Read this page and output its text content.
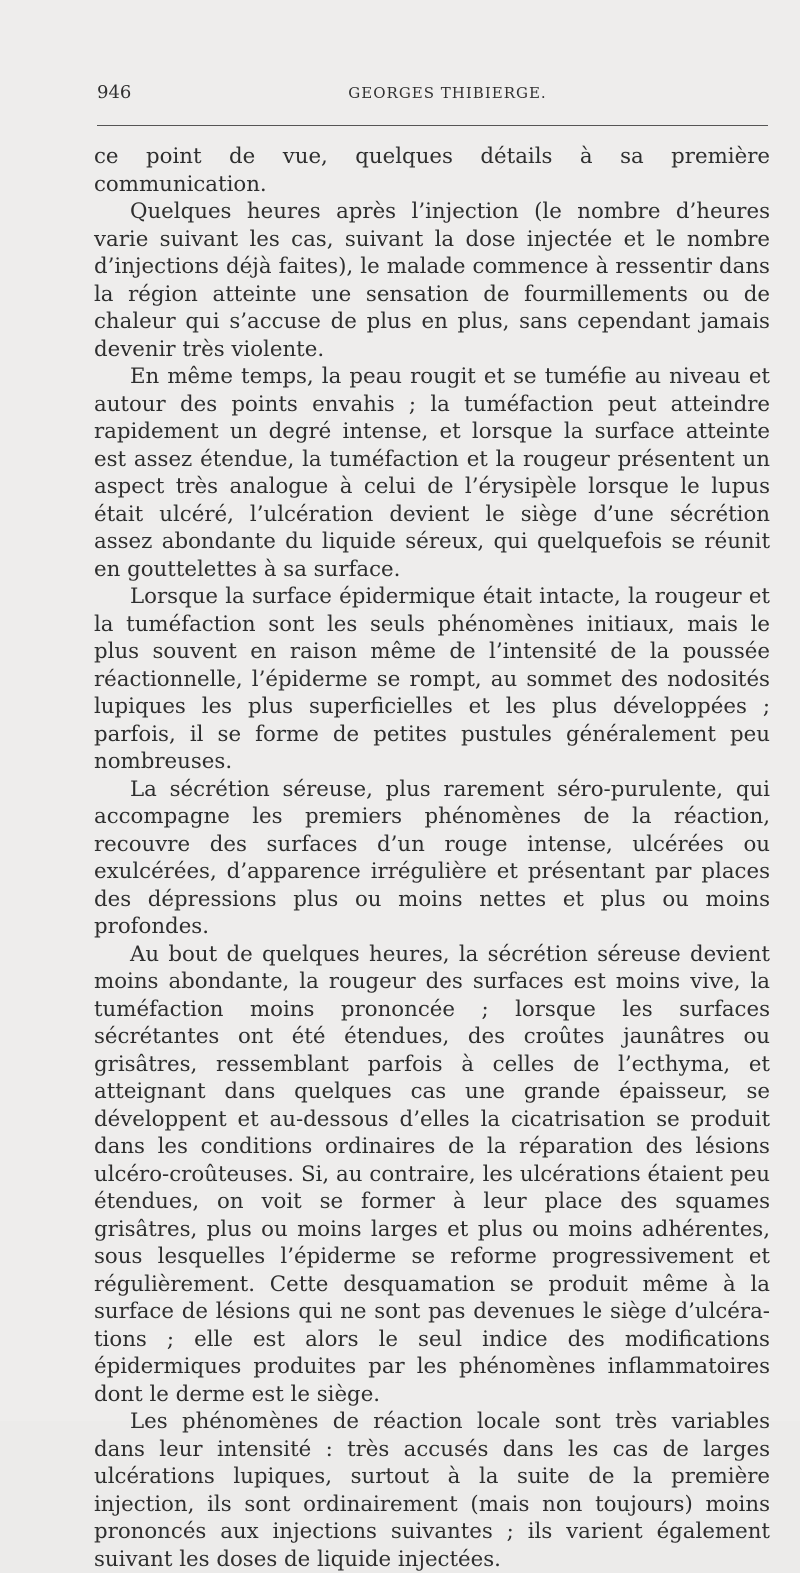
946	GEORGES THIBIERGE.

ce point de vue, quelques détails à sa première communication.

Quelques heures après l’injection (le nombre d’heures varie suivant les cas, suivant la dose injectée et le nombre d’injections déjà faites), le malade commence à ressentir dans la région atteinte une sensation de fourmillements ou de chaleur qui s’accuse de plus en plus, sans cependant jamais devenir très violente.

En même temps, la peau rougit et se tuméfie au niveau et autour des points envahis ; la tuméfaction peut atteindre rapidement un degré intense, et lorsque la surface atteinte est assez étendue, la tuméfaction et la rougeur présentent un aspect très analogue à celui de l’érysipèle lorsque le lupus était ulcéré, l’ulcération devient le siège d’une sécrétion assez abondante du liquide séreux, qui quelquefois se réunit en gouttelettes à sa surface.

Lorsque la surface épidermique était intacte, la rougeur et la tuméfaction sont les seuls phénomènes initiaux, mais le plus souvent en raison même de l’intensité de la poussée réactionnelle, l’épiderme se rompt, au sommet des nodosités lupiques les plus superficielles et les plus développées ; parfois, il se forme de petites pustules généralement peu nombreuses.

La sécrétion séreuse, plus rarement séro-purulente, qui accompagne les premiers phénomènes de la réaction, recouvre des surfaces d’un rouge intense, ulcérées ou exulcérées, d’apparence irrégulière et présentant par places des dépressions plus ou moins nettes et plus ou moins profondes.

Au bout de quelques heures, la sécrétion séreuse devient moins abondante, la rougeur des surfaces est moins vive, la tuméfaction moins prononcée ; lorsque les surfaces sécrétantes ont été étendues, des croûtes jaunâtres ou grisâtres, ressemblant parfois à celles de l’ecthyma, et atteignant dans quelques cas une grande épaisseur, se développent et au-dessous d’elles la cicatrisation se produit dans les conditions ordinaires de la réparation des lésions ulcéro-croûteuses. Si, au contraire, les ulcérations étaient peu étendues, on voit se former à leur place des squames grisâtres, plus ou moins larges et plus ou moins adhérentes, sous lesquelles l’épiderme se reforme progressivement et régulièrement. Cette desquamation se produit même à la surface de lésions qui ne sont pas devenues le siège d’ulcérations ; elle est alors le seul indice des modifications épidermiques produites par les phénomènes inflammatoires dont le derme est le siège.

Les phénomènes de réaction locale sont très variables dans leur intensité : très accusés dans les cas de larges ulcérations lupiques, surtout à la suite de la première injection, ils sont ordinairement (mais non toujours) moins prononcés aux injections suivantes ; ils varient également suivant les doses de liquide injectées.
